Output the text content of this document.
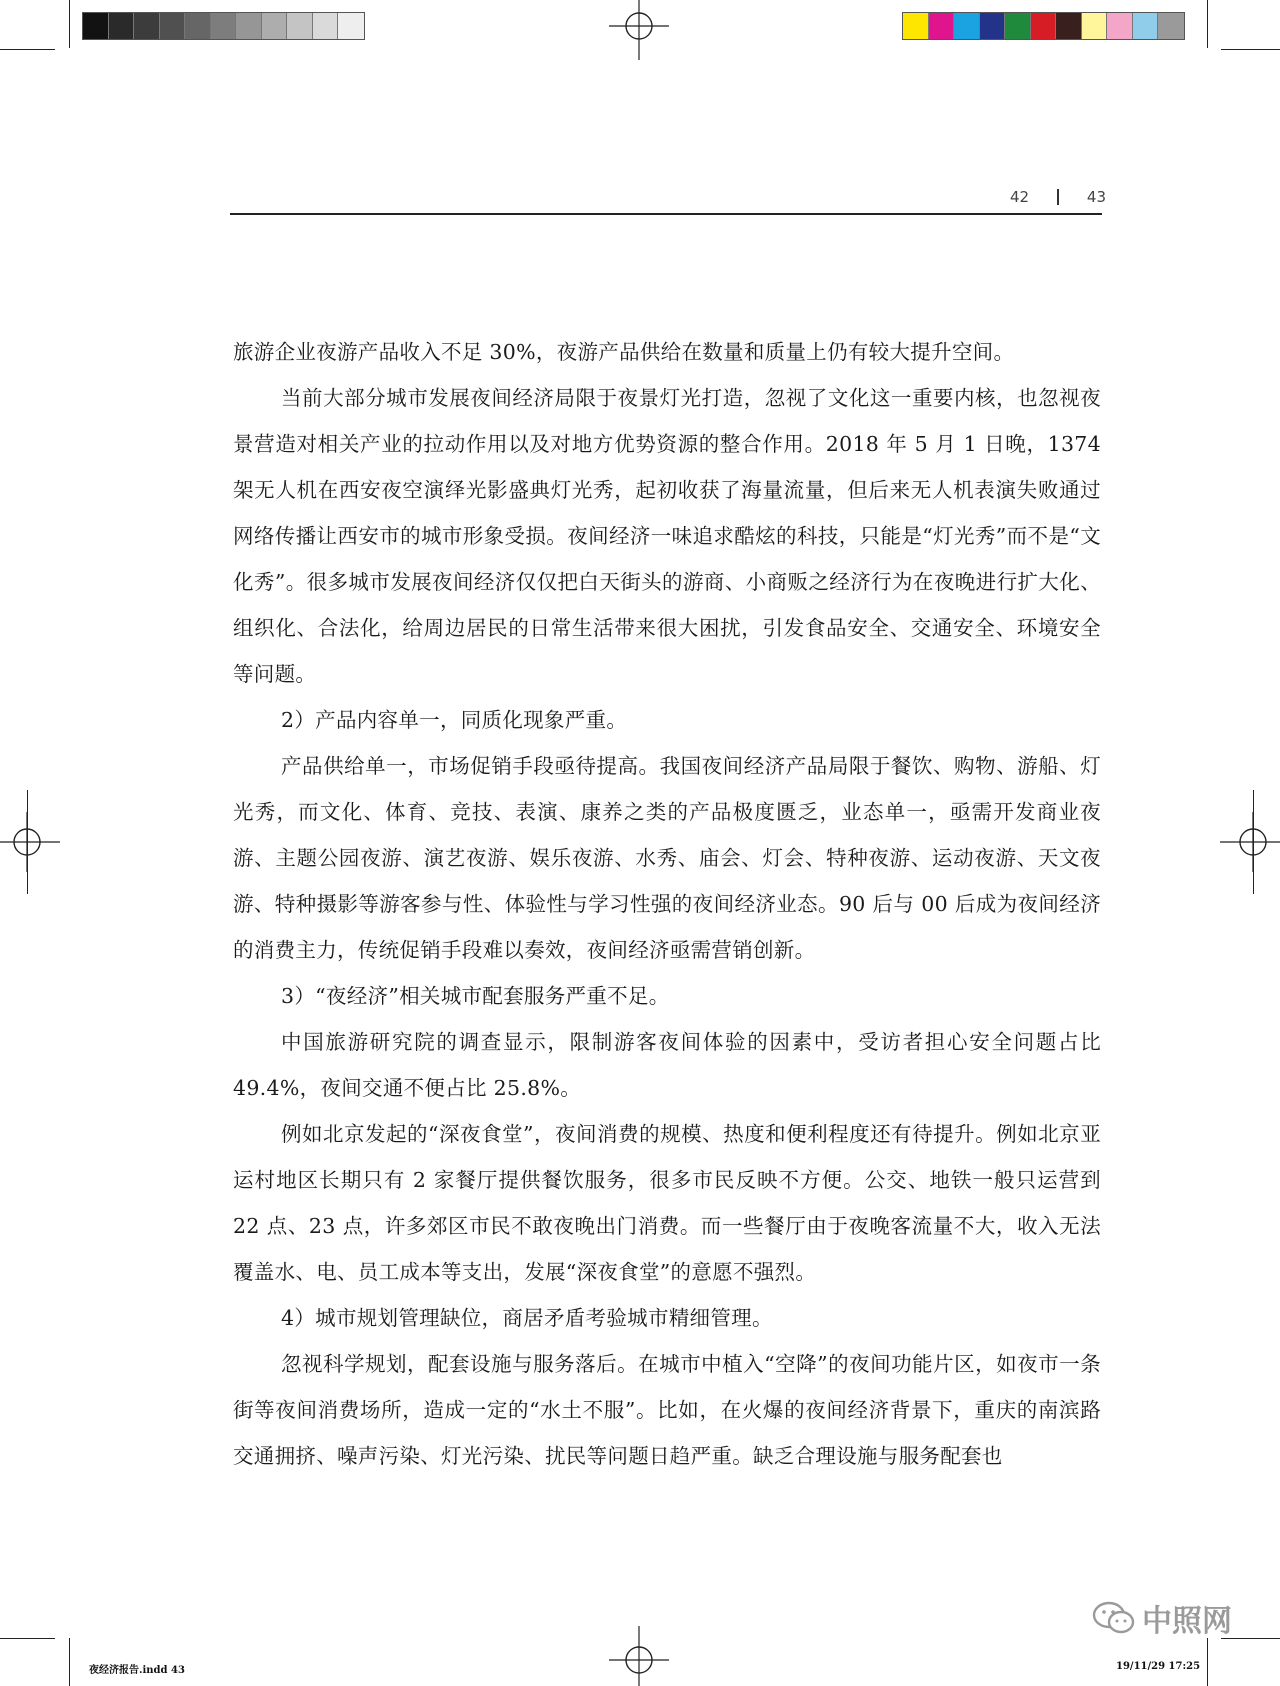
42	43

旅游企业夜游产品收入不足 30%，夜游产品供给在数量和质量上仍有较大提升空间。

当前大部分城市发展夜间经济局限于夜景灯光打造，忽视了文化这一重要内核，也忽视夜景营造对相关产业的拉动作用以及对地方优势资源的整合作用。2018 年 5 月 1 日晚，1374 架无人机在西安夜空演绎光影盛典灯光秀，起初收获了海量流量，但后来无人机表演失败通过网络传播让西安市的城市形象受损。夜间经济一味追求酷炫的科技，只能是“灯光秀”而不是“文化秀”。很多城市发展夜间经济仅仅把白天街头的游商、小商贩之经济行为在夜晚进行扩大化、组织化、合法化，给周边居民的日常生活带来很大困扰，引发食品安全、交通安全、环境安全等问题。

2）产品内容单一，同质化现象严重。

产品供给单一，市场促销手段亟待提高。我国夜间经济产品局限于餐饮、购物、游船、灯光秀，而文化、体育、竞技、表演、康养之类的产品极度匮乏，业态单一，亟需开发商业夜游、主题公园夜游、演艺夜游、娱乐夜游、水秀、庙会、灯会、特种夜游、运动夜游、天文夜游、特种摄影等游客参与性、体验性与学习性强的夜间经济业态。90 后与 00 后成为夜间经济的消费主力，传统促销手段难以奏效，夜间经济亟需营销创新。

3）“夜经济”相关城市配套服务严重不足。

中国旅游研究院的调查显示，限制游客夜间体验的因素中，受访者担心安全问题占比 49.4%，夜间交通不便占比 25.8%。

例如北京发起的“深夜食堂”，夜间消费的规模、热度和便利程度还有待提升。例如北京亚运村地区长期只有 2 家餐厅提供餐饮服务，很多市民反映不方便。公交、地铁一般只运营到 22 点、23 点，许多郊区市民不敢夜晚出门消费。而一些餐厅由于夜晚客流量不大，收入无法覆盖水、电、员工成本等支出，发展“深夜食堂”的意愿不强烈。

4）城市规划管理缺位，商居矛盾考验城市精细管理。

忽视科学规划，配套设施与服务落后。在城市中植入“空降”的夜间功能片区，如夜市一条街等夜间消费场所，造成一定的“水土不服”。比如，在火爆的夜间经济背景下，重庆的南滨路交通拥挤、噪声污染、灯光污染、扰民等问题日趋严重。缺乏合理设施与服务配套也

夜经济报告.indd 43	19/11/29 17:25
中照网
